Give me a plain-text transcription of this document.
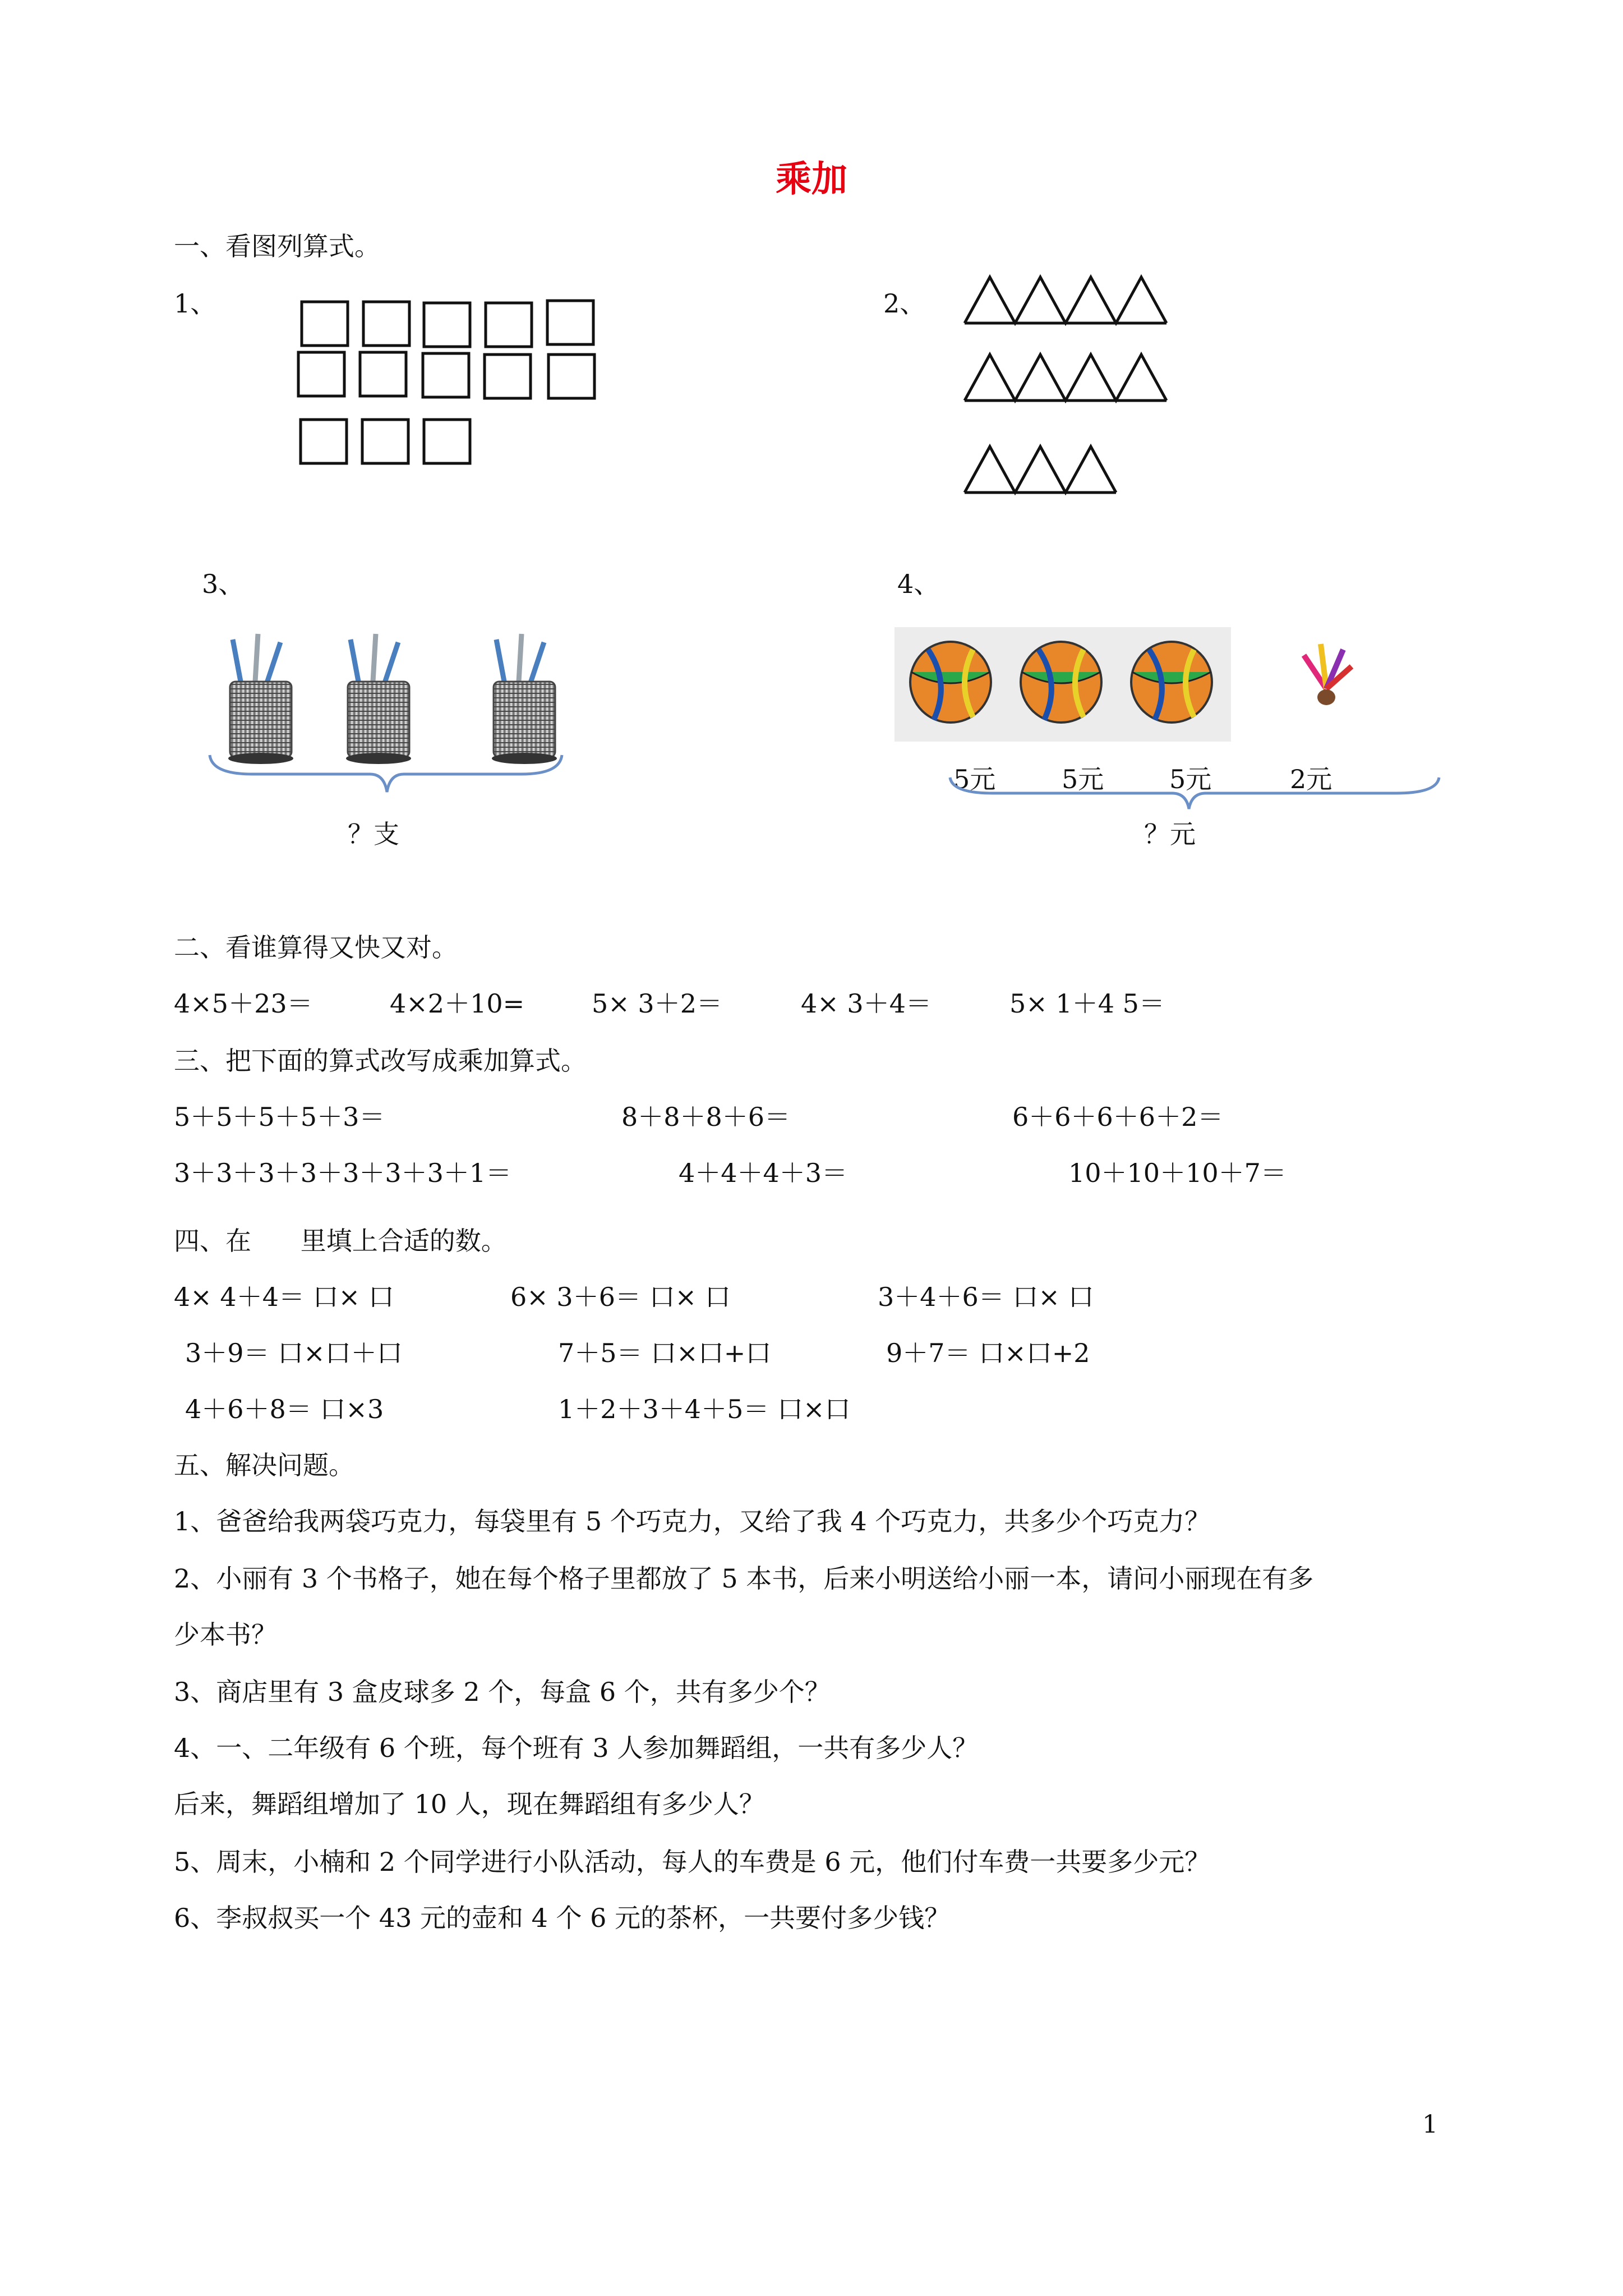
乘加
一、看图列算式。
1、	2、
3、
？支
4、
5元	5元	5元	2元
？元
二、看谁算得又快又对。
4×5＋23＝	4×2＋10=	5× 3＋2＝	4× 3＋4＝	5× 1＋4 5＝
三、把下面的算式改写成乘加算式。
5＋5＋5＋5＋3＝	8＋8＋8＋6＝	6＋6＋6＋6＋2＝
3＋3＋3＋3＋3＋3＋3＋1＝	4＋4＋4＋3＝	10＋10＋10＋7＝
四、在      里填上合适的数。
4× 4＋4＝ 口× 口	6× 3＋6＝ 口× 口	3＋4＋6＝ 口× 口
3＋9＝ 口×口＋口	7＋5＝ 口×口+口	9＋7＝ 口×口+2
4＋6＋8＝ 口×3	1＋2＋3＋4＋5＝ 口×口
五、解决问题。
1、爸爸给我两袋巧克力，每袋里有 5 个巧克力，又给了我 4 个巧克力，共多少个巧克力？
2、小丽有 3 个书格子，她在每个格子里都放了 5 本书，后来小明送给小丽一本，请问小丽现在有多
少本书？
3、商店里有 3 盒皮球多 2 个，每盒 6 个，共有多少个？
4、一、二年级有 6 个班，每个班有 3 人参加舞蹈组，一共有多少人？
后来，舞蹈组增加了 10 人，现在舞蹈组有多少人？
5、周末，小楠和 2 个同学进行小队活动，每人的车费是 6 元，他们付车费一共要多少元？
6、李叔叔买一个 43 元的壶和 4 个 6 元的茶杯，一共要付多少钱？
1
